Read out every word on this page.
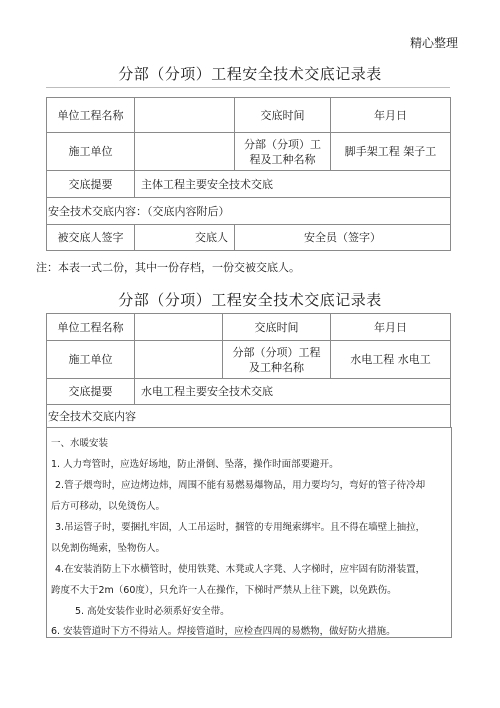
精心整理
分部（分项）工程安全技术交底记录表
单位工程名称		交底时间	年月日
施工单位		分部（分项）工程及工种名称	脚手架工程 架子工
交底提要	主体工程主要安全技术交底		
安全技术交底内容：（交底内容附后）			
被交底人签字	交底人	安全员（签字）	
注：本表一式二份，其中一份存档，一份交被交底人。
分部（分项）工程安全技术交底记录表
单位工程名称		交底时间	年月日
施工单位		分部（分项）工程及工种名称	水电工程 水电工
交底提要	水电工程主要安全技术交底		
安全技术交底内容			
一、水暖安装
1. 人力弯管时，应选好场地，防止滑倒、坠落，操作时面部要避开。
2.管子煨弯时，应边烤边炜，周围不能有易燃易爆物品，用力要均匀，弯好的管子待冷却
后方可移动，以免烫伤人。
3.吊运管子时，要捆扎牢固，人工吊运时，捆管的专用绳索绑牢。且不得在墙壁上抽拉，
以免割伤绳索，坠物伤人。
4.在安装消防上下水横管时，使用铁凳、木凳或人字凳、人字梯时，应牢固有防滑装置，
跨度不大于2m（60度），只允许一人在操作，下梯时严禁从上往下跳，以免跌伤。
5. 高处安装作业时必须系好安全带。
6. 安装管道时下方不得站人。焊接管道时，应检查四周的易燃物，做好防火措施。
